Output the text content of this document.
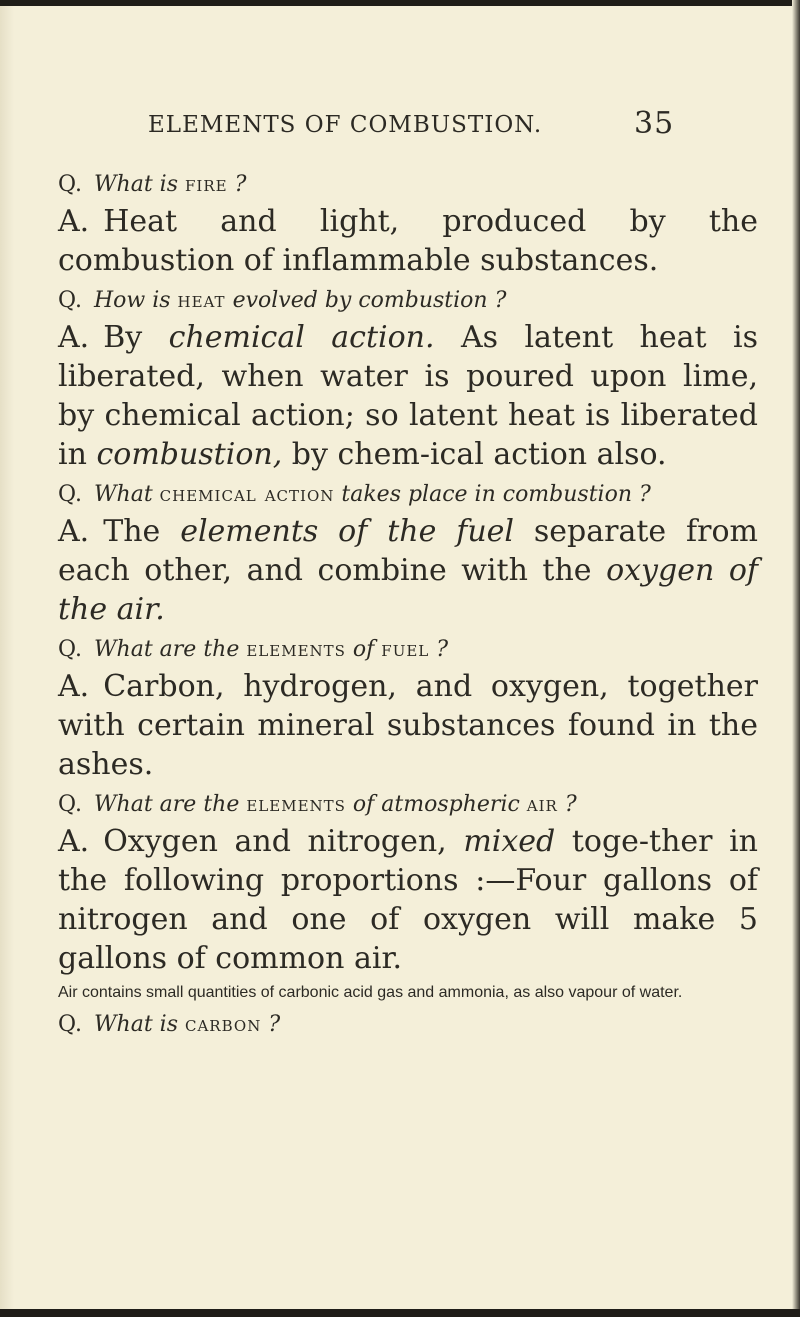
ELEMENTS OF COMBUSTION.	35

Q. What is fire ?

A. Heat and light, produced by the combustion of inflammable substances.

Q. How is heat evolved by combustion ?

A. By chemical action. As latent heat is liberated, when water is poured upon lime, by chemical action; so latent heat is liberated in combustion, by chem-ical action also.

Q. What chemical action takes place in combustion ?

A. The elements of the fuel separate from each other, and combine with the oxygen of the air.

Q. What are the elements of fuel ?

A. Carbon, hydrogen, and oxygen, together with certain mineral substances found in the ashes.

Q. What are the elements of atmospheric air ?

A. Oxygen and nitrogen, mixed toge-ther in the following proportions :—Four gallons of nitrogen and one of oxygen will make 5 gallons of common air.

Air contains small quantities of carbonic acid gas and ammonia, as also vapour of water.

Q. What is carbon ?
